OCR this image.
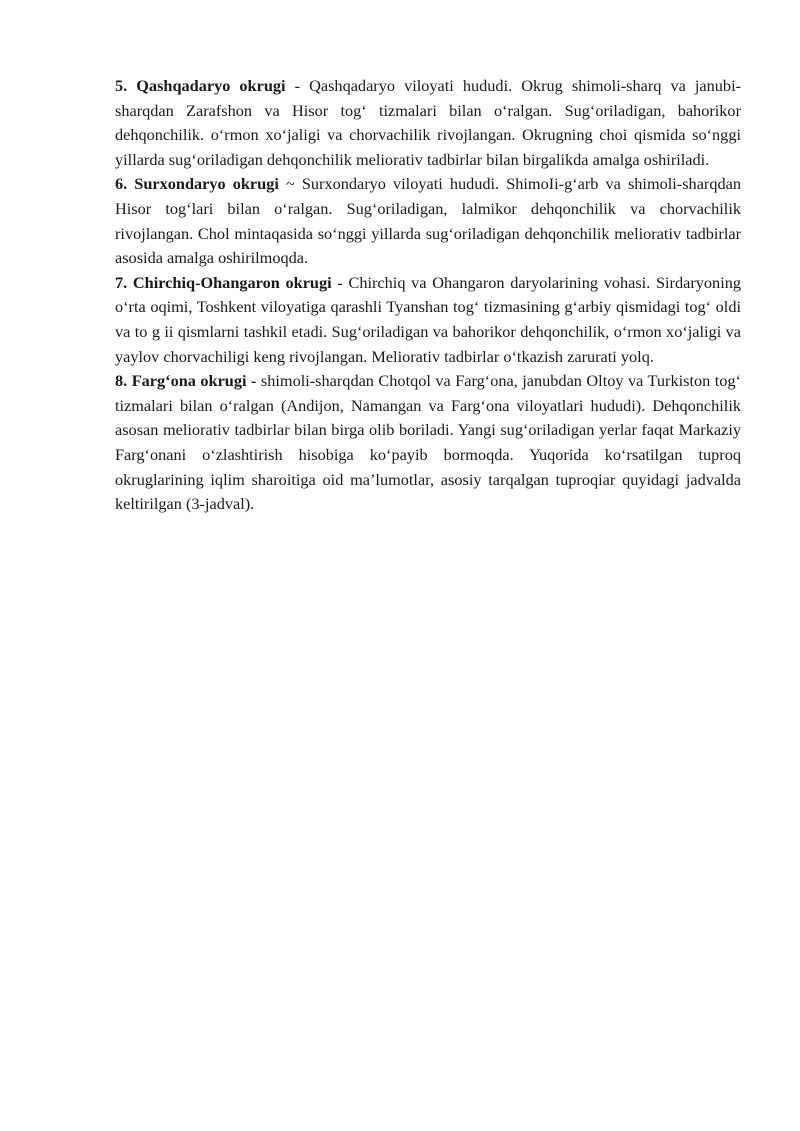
5. Qashqadaryo okrugi - Qashqadaryo viloyati hududi. Okrug shimoli-sharq va janubi-sharqdan Zarafshon va Hisor tog‘ tizmalari bilan o‘ralgan. Sug‘oriladigan, bahorikor dehqonchilik. o‘rmon xo‘jaligi va chorvachilik rivojlangan. Okrugning choi qismida so‘nggi yillarda sug‘oriladigan dehqonchilik meliorativ tadbirlar bilan birgalikda amalga oshiriladi.

6. Surxondaryo okrugi ~ Surxondaryo viloyati hududi. ShimoIi-g‘arb va shimoli-sharqdan Hisor tog‘lari bilan o‘ralgan. Sug‘oriladigan, lalmikor dehqonchilik va chorvachilik rivojlangan. Chol mintaqasida so‘nggi yillarda sug‘oriladigan dehqonchilik meliorativ tadbirlar asosida amalga oshirilmoqda.

7. Chirchiq-Ohangaron okrugi - Chirchiq va Ohangaron daryolarining vohasi. Sirdaryoning o‘rta oqimi, Toshkent viloyatiga qarashli Tyanshan tog‘ tizmasining g‘arbiy qismidagi tog‘ oldi va to g ii qismlarni tashkil etadi. Sug‘oriladigan va bahorikor dehqonchilik, o‘rmon xo‘jaligi va yaylov chorvachiligi keng rivojlangan. Meliorativ tadbirlar o‘tkazish zarurati yolq.

8. Farg‘ona okrugi - shimoli-sharqdan Chotqol va Farg‘ona, janubdan Oltoy va Turkiston tog‘ tizmalari bilan o‘ralgan (Andijon, Namangan va Farg‘ona viloyatlari hududi). Dehqonchilik asosan meliorativ tadbirlar bilan birga olib boriladi. Yangi sug‘oriladigan yerlar faqat Markaziy Farg‘onani o‘zlashtirish hisobiga ko‘payib bormoqda. Yuqorida ko‘rsatilgan tuproq okruglarining iqlim sharoitiga oid ma’lumotlar, asosiy tarqalgan tuproqiar quyidagi jadvalda keltirilgan (3-jadval).
